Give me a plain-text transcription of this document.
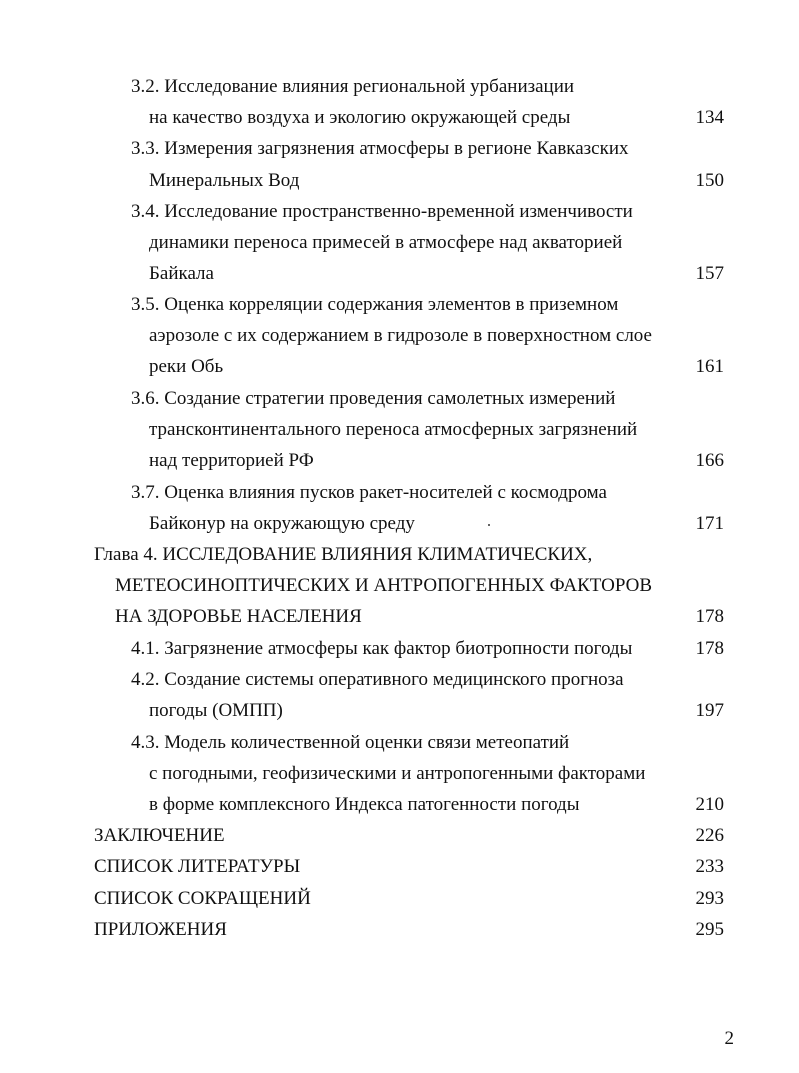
3.2. Исследование влияния региональной урбанизации
на качество воздуха и экологию окружающей среды	134
3.3. Измерения загрязнения атмосферы в регионе Кавказских
Минеральных Вод	150
3.4. Исследование пространственно-временной изменчивости
динамики переноса примесей в атмосфере над акваторией
Байкала	157
3.5. Оценка корреляции содержания элементов в приземном
аэрозоле с их содержанием в гидрозоле в поверхностном слое
реки Обь	161
3.6. Создание стратегии проведения самолетных измерений
трансконтинентального переноса атмосферных загрязнений
над территорией РФ	166
3.7. Оценка влияния пусков ракет-носителей с космодрома
Байконур на окружающую среду	171
Глава 4. ИССЛЕДОВАНИЕ ВЛИЯНИЯ КЛИМАТИЧЕСКИХ,
МЕТЕОСИНОПТИЧЕСКИХ И АНТРОПОГЕННЫХ ФАКТОРОВ
НА ЗДОРОВЬЕ НАСЕЛЕНИЯ	178
4.1. Загрязнение атмосферы как фактор биотропности погоды	178
4.2. Создание системы оперативного медицинского прогноза
погоды (ОМПП)	197
4.3. Модель количественной оценки связи метеопатий
с погодными, геофизическими и антропогенными факторами
в форме комплексного Индекса патогенности погоды	210
ЗАКЛЮЧЕНИЕ	226
СПИСОК ЛИТЕРАТУРЫ	233
СПИСОК СОКРАЩЕНИЙ	293
ПРИЛОЖЕНИЯ	295
2
